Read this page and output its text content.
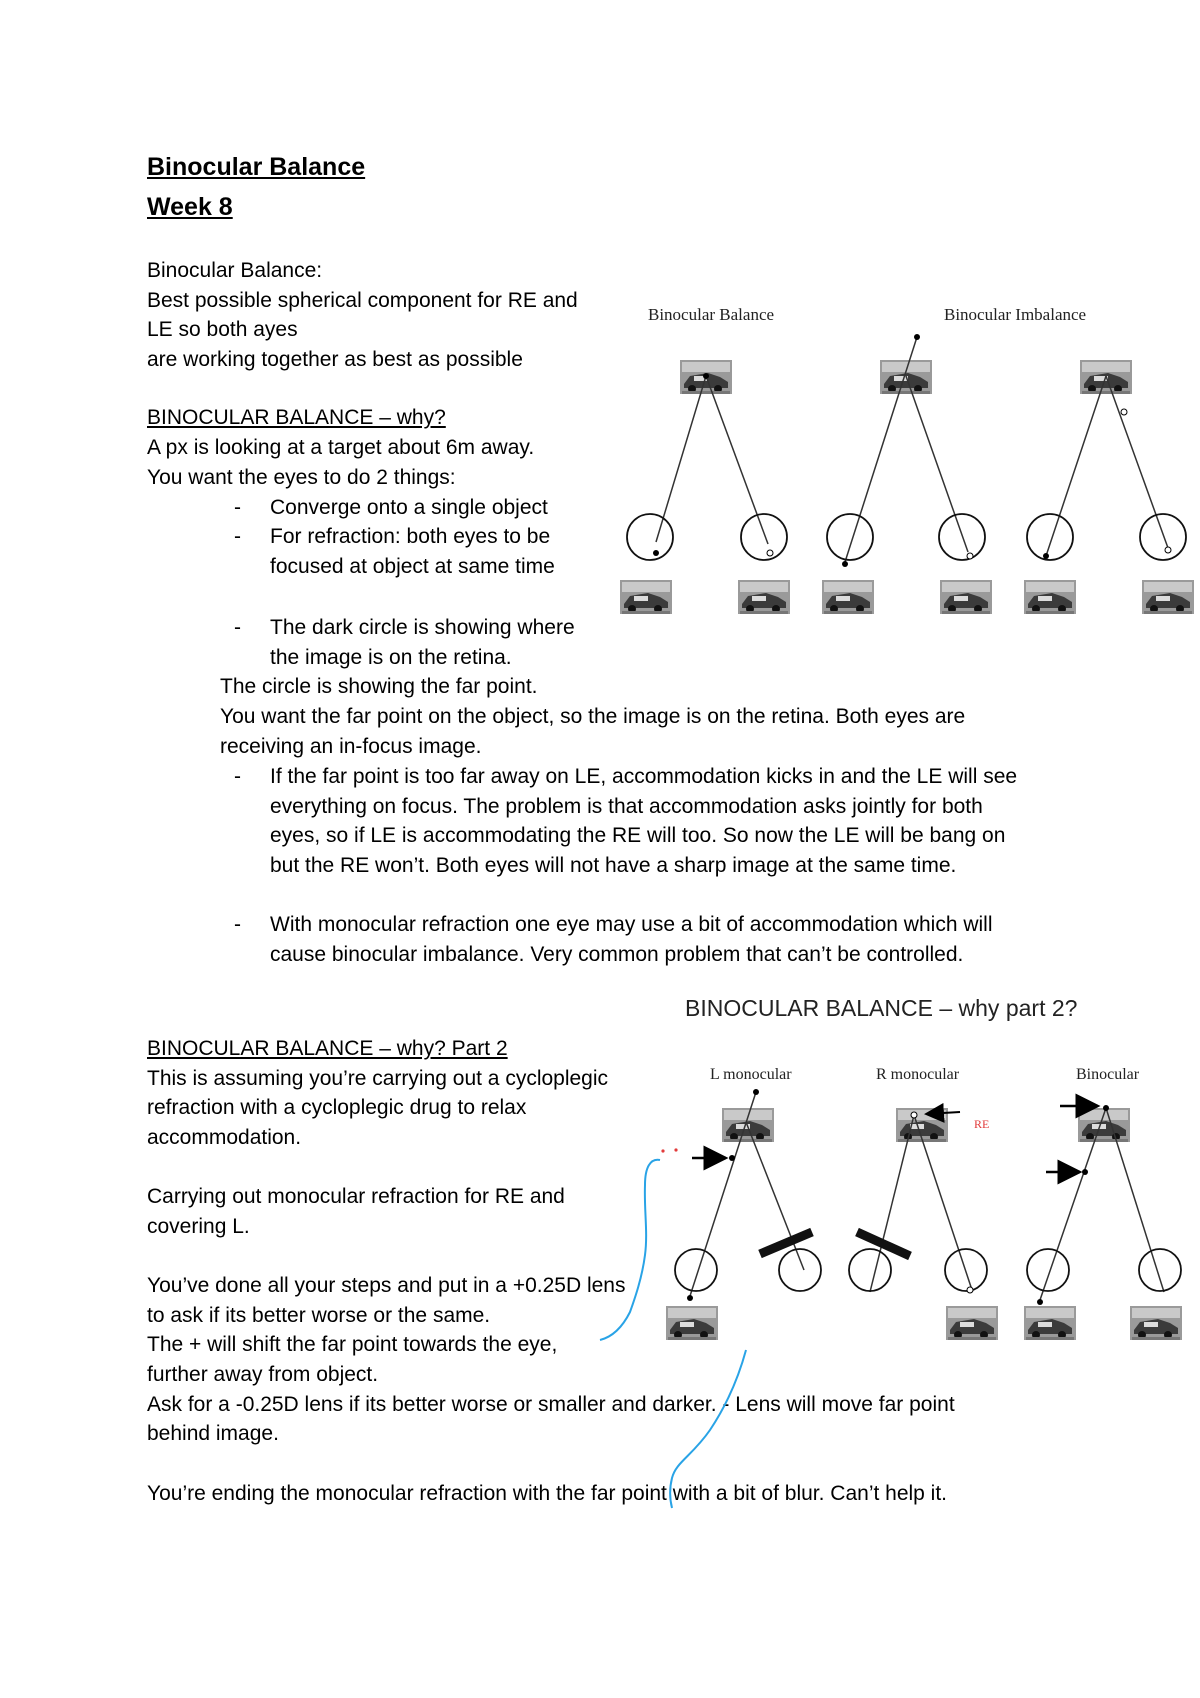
Binocular Balance
Week 8
Binocular Balance:
Best possible spherical component for RE and
LE so both ayes
are working together as best as possible
BINOCULAR BALANCE – why?
A px is looking at a target about 6m away.
You want the eyes to do 2 things:
- Converge onto a single object
- For refraction: both eyes to be
focused at object at same time
- The dark circle is showing where
the image is on the retina.
The circle is showing the far point.
You want the far point on the object, so the image is on the retina. Both eyes are
receiving an in-focus image.
- If the far point is too far away on LE, accommodation kicks in and the LE will see
everything on focus. The problem is that accommodation asks jointly for both
eyes, so if LE is accommodating the RE will too. So now the LE will be bang on
but the RE won’t. Both eyes will not have a sharp image at the same time.
- With monocular refraction one eye may use a bit of accommodation which will
cause binocular imbalance. Very common problem that can’t be controlled.
BINOCULAR BALANCE – why? Part 2
This is assuming you’re carrying out a cycloplegic
refraction with a cycloplegic drug to relax
accommodation.
Carrying out monocular refraction for RE and
covering L.
You’ve done all your steps and put in a +0.25D lens
to ask if its better worse or the same.
The + will shift the far point towards the eye,
further away from object.
Ask for a -0.25D lens if its better worse or smaller and darker. - Lens will move far point
behind image.
You’re ending the monocular refraction with the far point with a bit of blur. Can’t help it.
Binocular Balance	Binocular Imbalance
BINOCULAR BALANCE – why part 2?
L monocular	R monocular	Binocular
RE
